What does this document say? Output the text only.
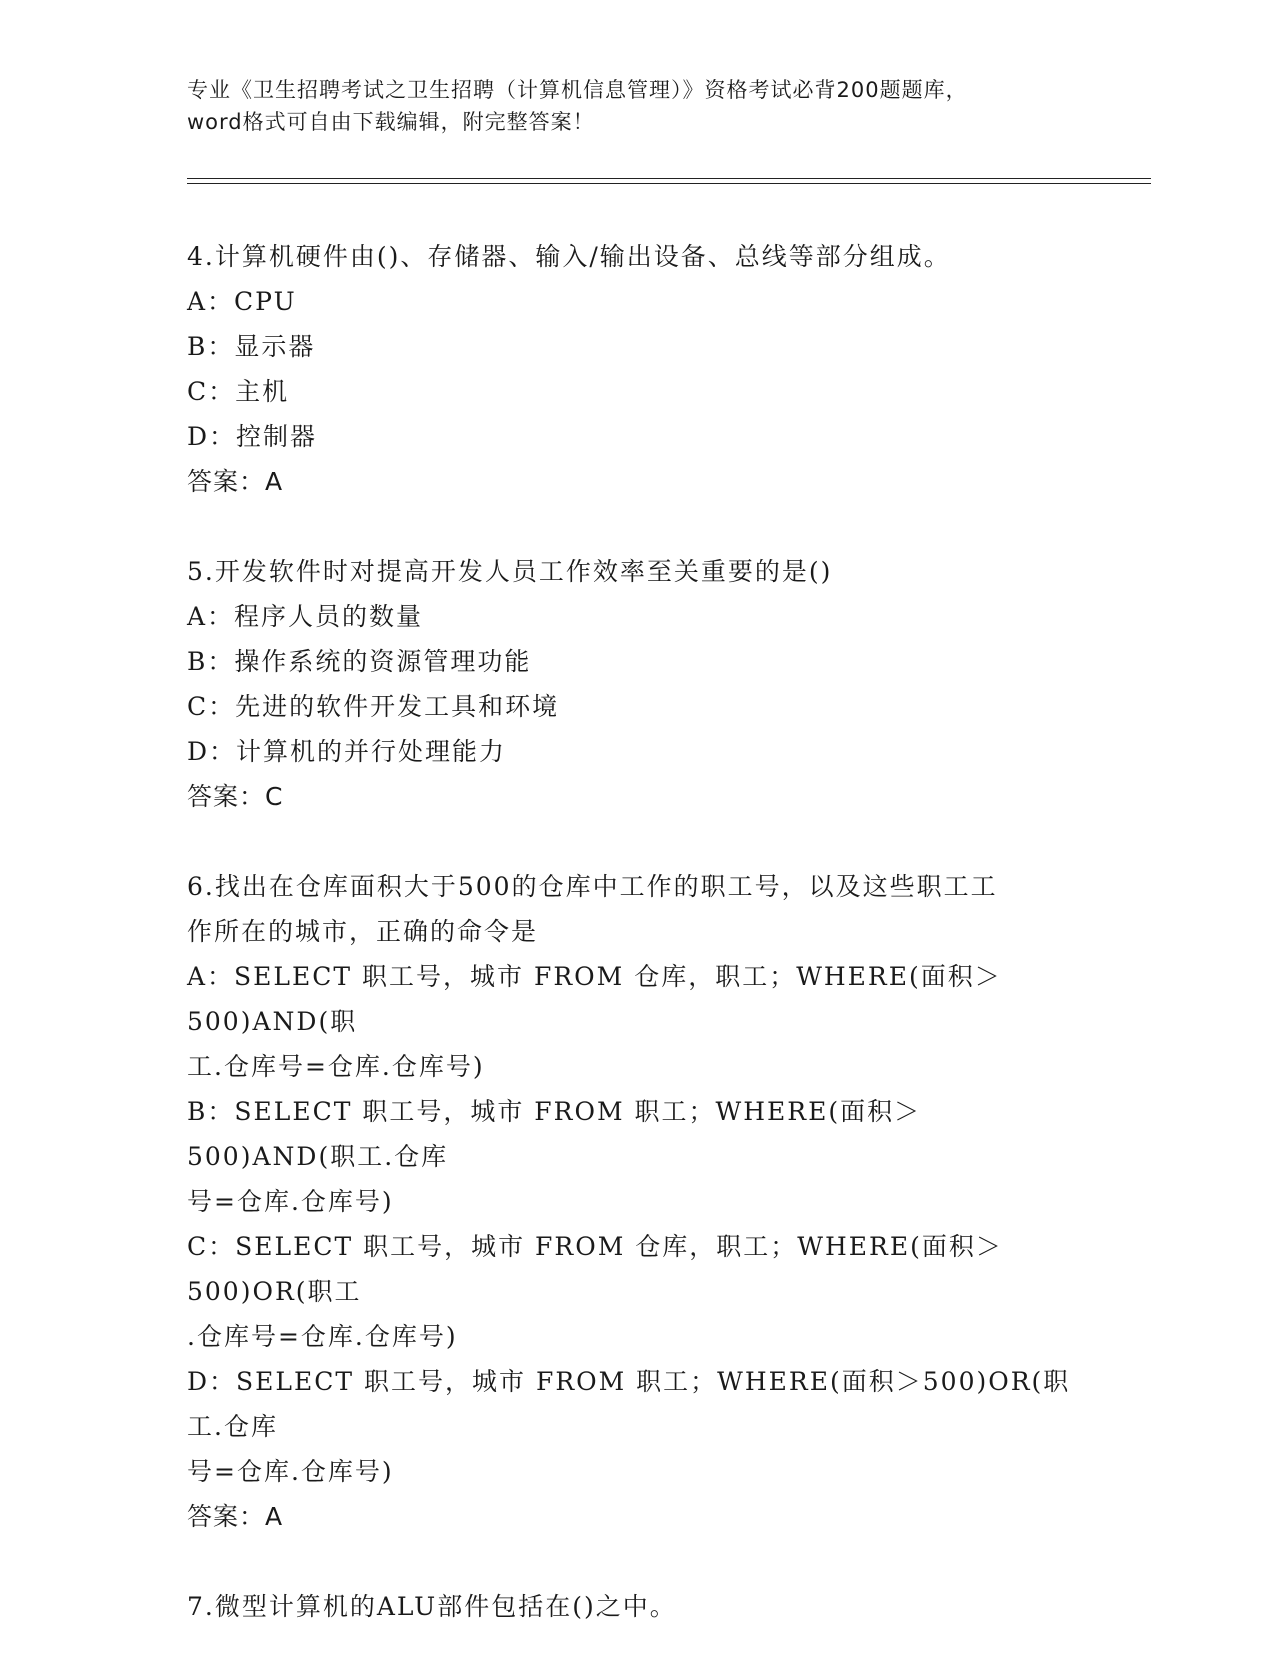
专业《卫生招聘考试之卫生招聘（计算机信息管理）》资格考试必背200题题库，
word格式可自由下载编辑，附完整答案！

4.计算机硬件由()、存储器、输入/输出设备、总线等部分组成。

A：CPU

B：显示器

C：主机

D：控制器

答案：A

5.开发软件时对提高开发人员工作效率至关重要的是()

A：程序人员的数量

B：操作系统的资源管理功能

C：先进的软件开发工具和环境

D：计算机的并行处理能力

答案：C

6.找出在仓库面积大于500的仓库中工作的职工号，以及这些职工工

作所在的城市，正确的命令是

A：SELECT 职工号，城市 FROM 仓库，职工；WHERE(面积＞500)AND(职

工.仓库号=仓库.仓库号)

B：SELECT 职工号，城市 FROM 职工；WHERE(面积＞500)AND(职工.仓库

号=仓库.仓库号)

C：SELECT 职工号，城市 FROM 仓库，职工；WHERE(面积＞500)OR(职工

.仓库号=仓库.仓库号)

D：SELECT 职工号，城市 FROM 职工；WHERE(面积＞500)OR(职工.仓库

号=仓库.仓库号)

答案：A

7.微型计算机的ALU部件包括在()之中。
